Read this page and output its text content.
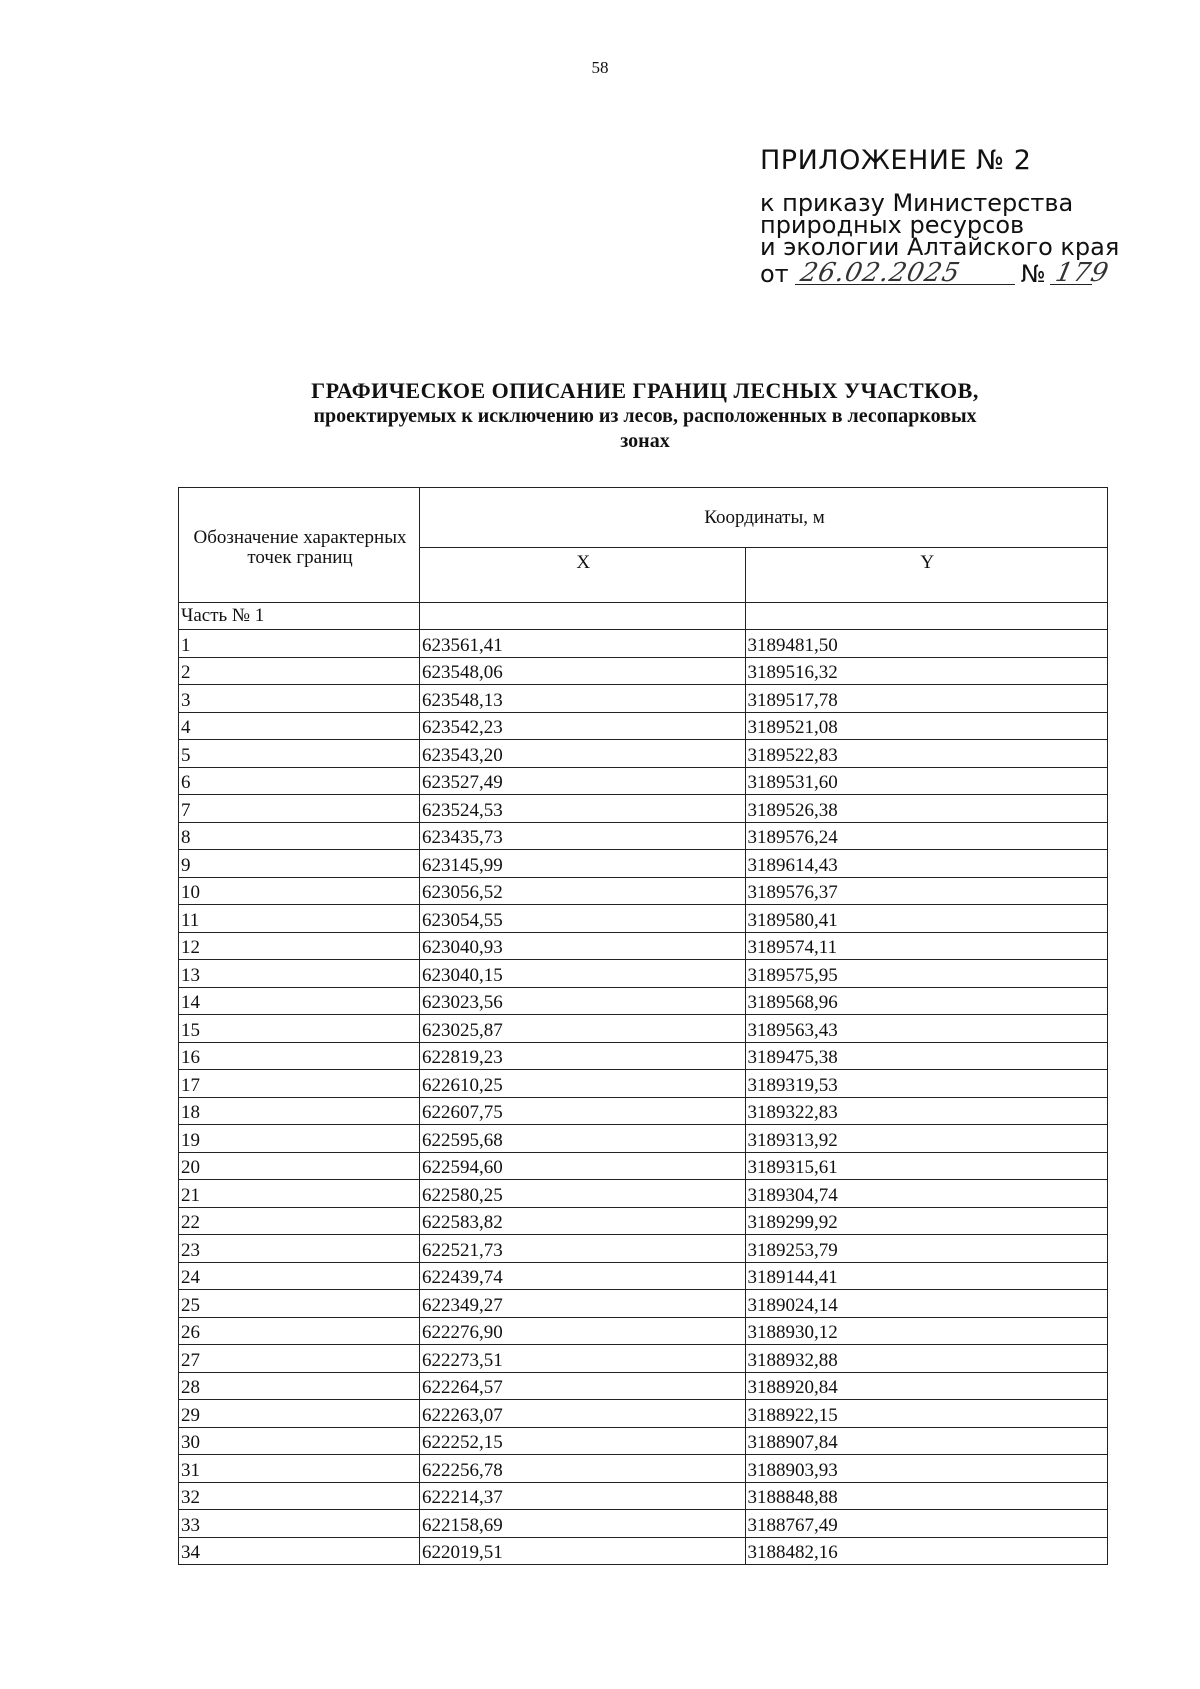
58
ПРИЛОЖЕНИЕ № 2
к приказу Министерства
природных ресурсов
и экологии Алтайского края
от 26.02.2025 № 179
ГРАФИЧЕСКОЕ ОПИСАНИЕ ГРАНИЦ ЛЕСНЫХ УЧАСТКОВ,
проектируемых к исключению из лесов, расположенных в лесопарковых
зонах
Обозначение характерных точек границ	Координаты, м	
	X	Y
Часть № 1		
1	623561,41	3189481,50
2	623548,06	3189516,32
3	623548,13	3189517,78
4	623542,23	3189521,08
5	623543,20	3189522,83
6	623527,49	3189531,60
7	623524,53	3189526,38
8	623435,73	3189576,24
9	623145,99	3189614,43
10	623056,52	3189576,37
11	623054,55	3189580,41
12	623040,93	3189574,11
13	623040,15	3189575,95
14	623023,56	3189568,96
15	623025,87	3189563,43
16	622819,23	3189475,38
17	622610,25	3189319,53
18	622607,75	3189322,83
19	622595,68	3189313,92
20	622594,60	3189315,61
21	622580,25	3189304,74
22	622583,82	3189299,92
23	622521,73	3189253,79
24	622439,74	3189144,41
25	622349,27	3189024,14
26	622276,90	3188930,12
27	622273,51	3188932,88
28	622264,57	3188920,84
29	622263,07	3188922,15
30	622252,15	3188907,84
31	622256,78	3188903,93
32	622214,37	3188848,88
33	622158,69	3188767,49
34	622019,51	3188482,16
